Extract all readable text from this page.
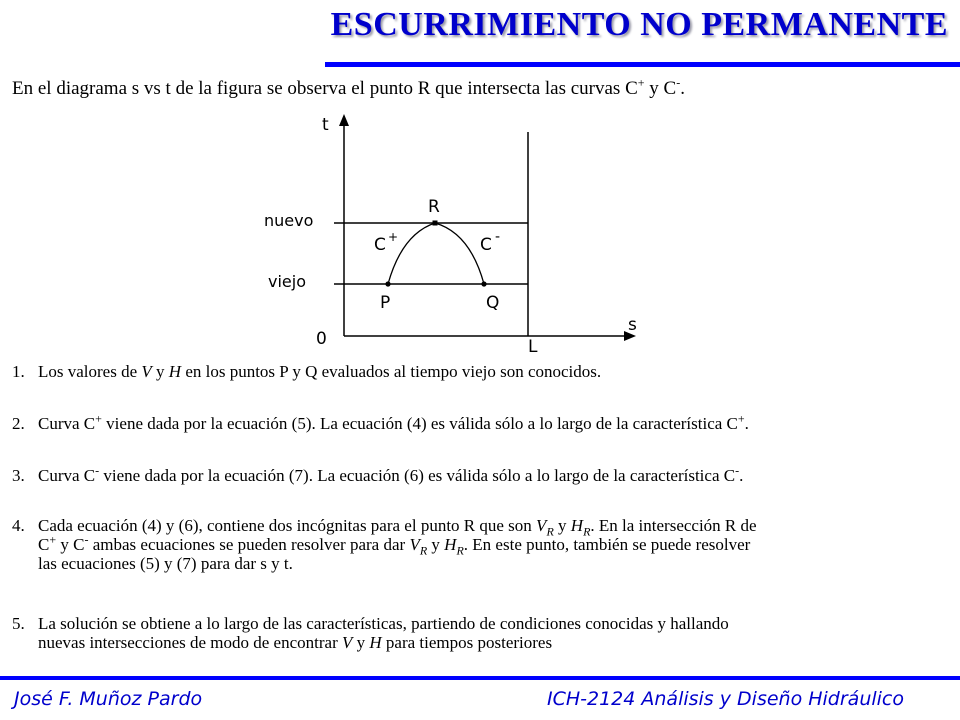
ESCURRIMIENTO NO PERMANENTE

En el diagrama s vs t de la figura se observa el punto R que intersecta las curvas C+ y C-.

t
s
nuevo
viejo
0	L
R
P	Q
C +	C -
1. Los valores de V y H en los puntos P y Q evaluados al tiempo viejo son conocidos.
2. Curva C+ viene dada por la ecuación (5). La ecuación (4) es válida sólo a lo largo de la característica C+.
3. Curva C- viene dada por la ecuación (7). La ecuación (6) es válida sólo a lo largo de la característica C-.
4. Cada ecuación (4) y (6), contiene dos incógnitas para el punto R que son $V_R$ y $H_R$. En la intersección R de
C+ y C- ambas ecuaciones se pueden resolver para dar $V_R$ y $H_R$. En este punto, también se puede resolver
las ecuaciones (5) y (7) para dar s y t.
5. La solución se obtiene a lo largo de las características, partiendo de condiciones conocidas y hallando
nuevas intersecciones de modo de encontrar V y H para tiempos posteriores

José F. Muñoz Pardo	ICH-2124 Análisis y Diseño Hidráulico
